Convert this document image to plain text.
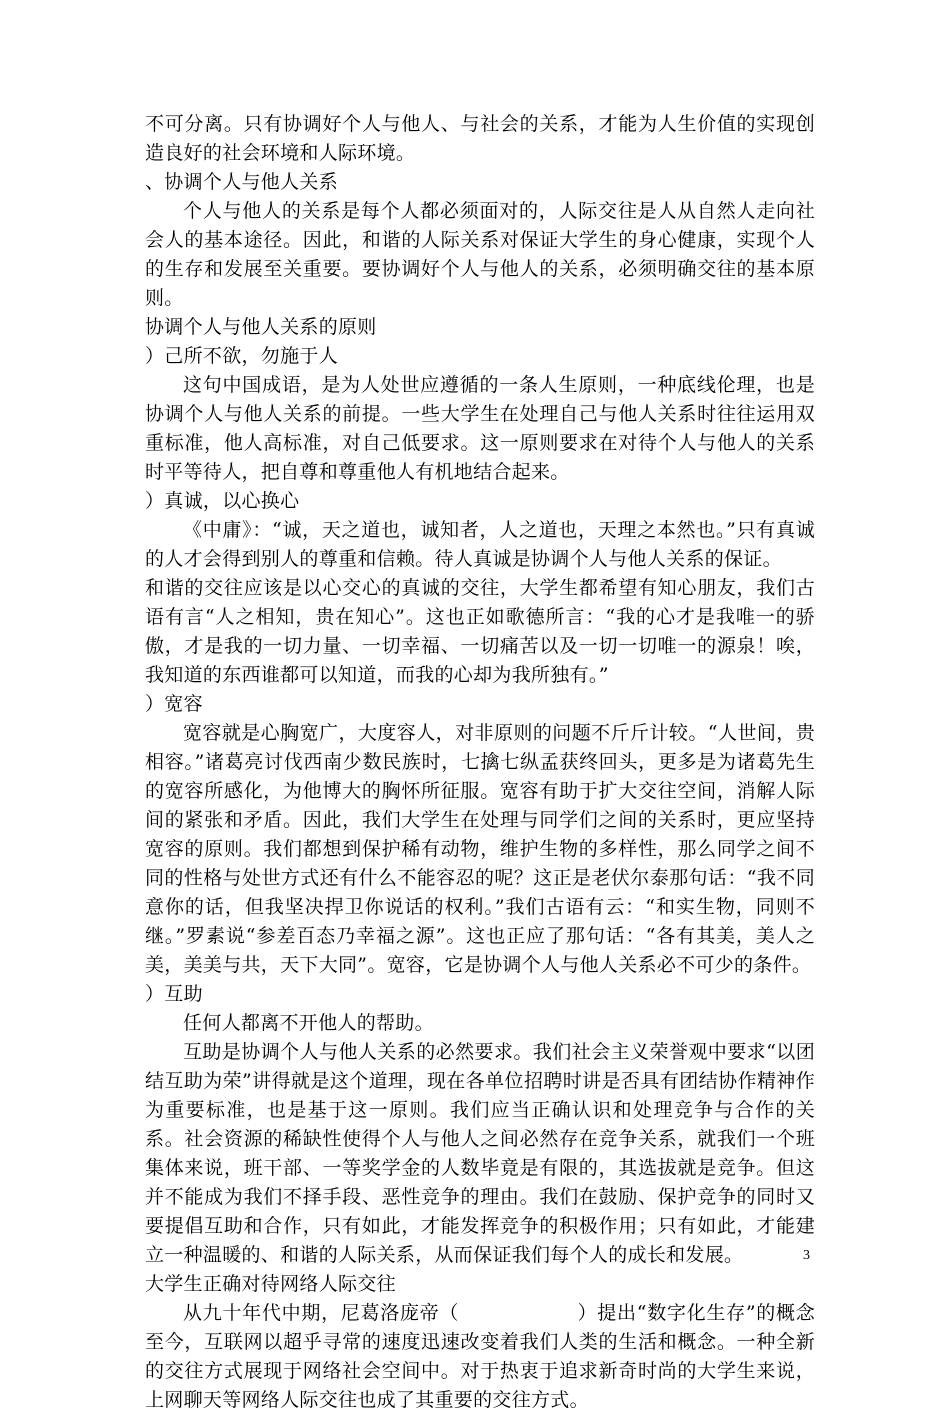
不可分离。只有协调好个人与他人、与社会的关系，才能为人生价值的实现创造良好的社会环境和人际环境。

、协调个人与他人关系

个人与他人的关系是每个人都必须面对的，人际交往是人从自然人走向社会人的基本途径。因此，和谐的人际关系对保证大学生的身心健康，实现个人的生存和发展至关重要。要协调好个人与他人的关系，必须明确交往的基本原则。

协调个人与他人关系的原则

）己所不欲，勿施于人

这句中国成语，是为人处世应遵循的一条人生原则，一种底线伦理，也是协调个人与他人关系的前提。一些大学生在处理自己与他人关系时往往运用双重标准，他人高标准，对自己低要求。这一原则要求在对待个人与他人的关系时平等待人，把自尊和尊重他人有机地结合起来。

）真诚，以心换心

《中庸》：“诚，天之道也，诚知者，人之道也，天理之本然也。”只有真诚的人才会得到别人的尊重和信赖。待人真诚是协调个人与他人关系的保证。

和谐的交往应该是以心交心的真诚的交往，大学生都希望有知心朋友，我们古语有言“人之相知，贵在知心”。这也正如歌德所言：“我的心才是我唯一的骄傲，才是我的一切力量、一切幸福、一切痛苦以及一切一切唯一的源泉！唉，我知道的东西谁都可以知道，而我的心却为我所独有。”

）宽容

宽容就是心胸宽广，大度容人，对非原则的问题不斤斤计较。“人世间，贵相容。”诸葛亮讨伐西南少数民族时，七擒七纵孟获终回头，更多是为诸葛先生的宽容所感化，为他博大的胸怀所征服。宽容有助于扩大交往空间，消解人际间的紧张和矛盾。因此，我们大学生在处理与同学们之间的关系时，更应坚持宽容的原则。我们都想到保护稀有动物，维护生物的多样性，那么同学之间不同的性格与处世方式还有什么不能容忍的呢？这正是老伏尔泰那句话：“我不同意你的话，但我坚决捍卫你说话的权利。”我们古语有云：“和实生物，同则不继。”罗素说“参差百态乃幸福之源”。这也正应了那句话：“各有其美，美人之美，美美与共，天下大同”。宽容，它是协调个人与他人关系必不可少的条件。

）互助

任何人都离不开他人的帮助。

互助是协调个人与他人关系的必然要求。我们社会主义荣誉观中要求“以团结互助为荣”讲得就是这个道理，现在各单位招聘时讲是否具有团结协作精神作为重要标准，也是基于这一原则。我们应当正确认识和处理竞争与合作的关系。社会资源的稀缺性使得个人与他人之间必然存在竞争关系，就我们一个班集体来说，班干部、一等奖学金的人数毕竟是有限的，其选拔就是竞争。但这并不能成为我们不择手段、恶性竞争的理由。我们在鼓励、保护竞争的同时又要提倡互助和合作，只有如此，才能发挥竞争的积极作用；只有如此，才能建立一种温暖的、和谐的人际关系，从而保证我们每个人的成长和发展。

大学生正确对待网络人际交往

从九十年代中期，尼葛洛庞帝（	）提出“数字化生存”的概念至今，互联网以超乎寻常的速度迅速改变着我们人类的生活和概念。一种全新的交往方式展现于网络社会空间中。对于热衷于追求新奇时尚的大学生来说，上网聊天等网络人际交往也成了其重要的交往方式。

3
